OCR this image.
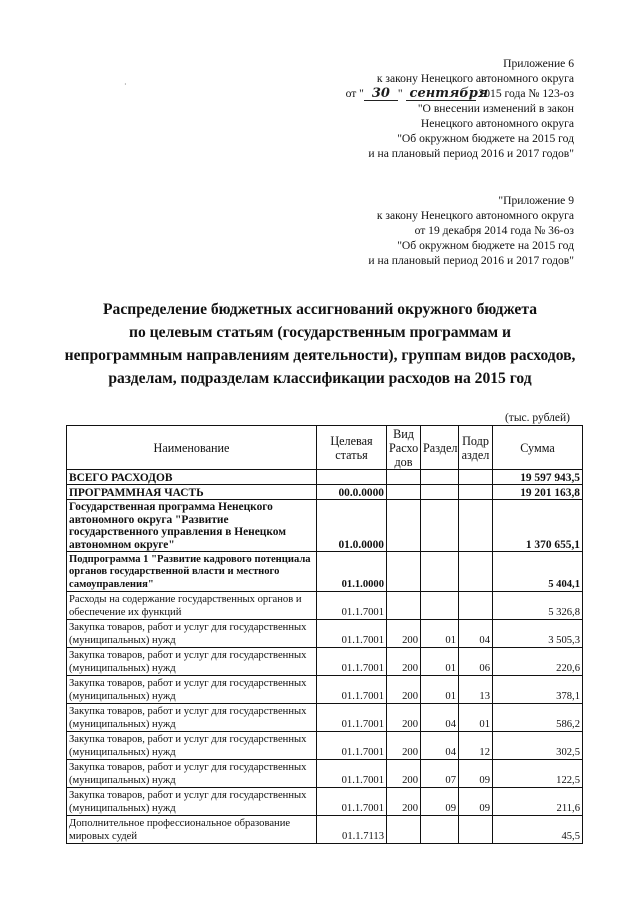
·
Приложение 6
к закону Ненецкого автономного округа
от " 30 " сентября 2015 года № 123-оз
"О внесении изменений в закон
Ненецкого автономного округа
"Об окружном бюджете на 2015 год
и на плановый период 2016 и 2017 годов"
"Приложение 9
к закону Ненецкого автономного округа
от 19 декабря 2014 года № 36-оз
"Об окружном бюджете на 2015 год
и на плановый период 2016 и 2017 годов"
Распределение бюджетных ассигнований окружного бюджета
по целевым статьям (государственным программам и
непрограммным направлениям деятельности), группам видов расходов,
разделам, подразделам классификации расходов на 2015 год
(тыс. рублей)
Наименование	Целевая статья	Вид Расхо дов	Раздел	Подр аздел	Сумма
ВСЕГО РАСХОДОВ					19 597 943,5
ПРОГРАММНАЯ ЧАСТЬ	00.0.0000				19 201 163,8
Государственная программа Ненецкого автономного округа "Развитие государственного управления в Ненецком автономном округе"	01.0.0000				1 370 655,1
Подпрограмма 1 "Развитие кадрового потенциала органов государственной власти и местного самоуправления"	01.1.0000				5 404,1
Расходы на содержание государственных органов и обеспечение их функций	01.1.7001				5 326,8
Закупка товаров, работ и услуг для государственных (муниципальных) нужд	01.1.7001	200	01	04	3 505,3
Закупка товаров, работ и услуг для государственных (муниципальных) нужд	01.1.7001	200	01	06	220,6
Закупка товаров, работ и услуг для государственных (муниципальных) нужд	01.1.7001	200	01	13	378,1
Закупка товаров, работ и услуг для государственных (муниципальных) нужд	01.1.7001	200	04	01	586,2
Закупка товаров, работ и услуг для государственных (муниципальных) нужд	01.1.7001	200	04	12	302,5
Закупка товаров, работ и услуг для государственных (муниципальных) нужд	01.1.7001	200	07	09	122,5
Закупка товаров, работ и услуг для государственных (муниципальных) нужд	01.1.7001	200	09	09	211,6
Дополнительное профессиональное образование мировых судей	01.1.7113				45,5
